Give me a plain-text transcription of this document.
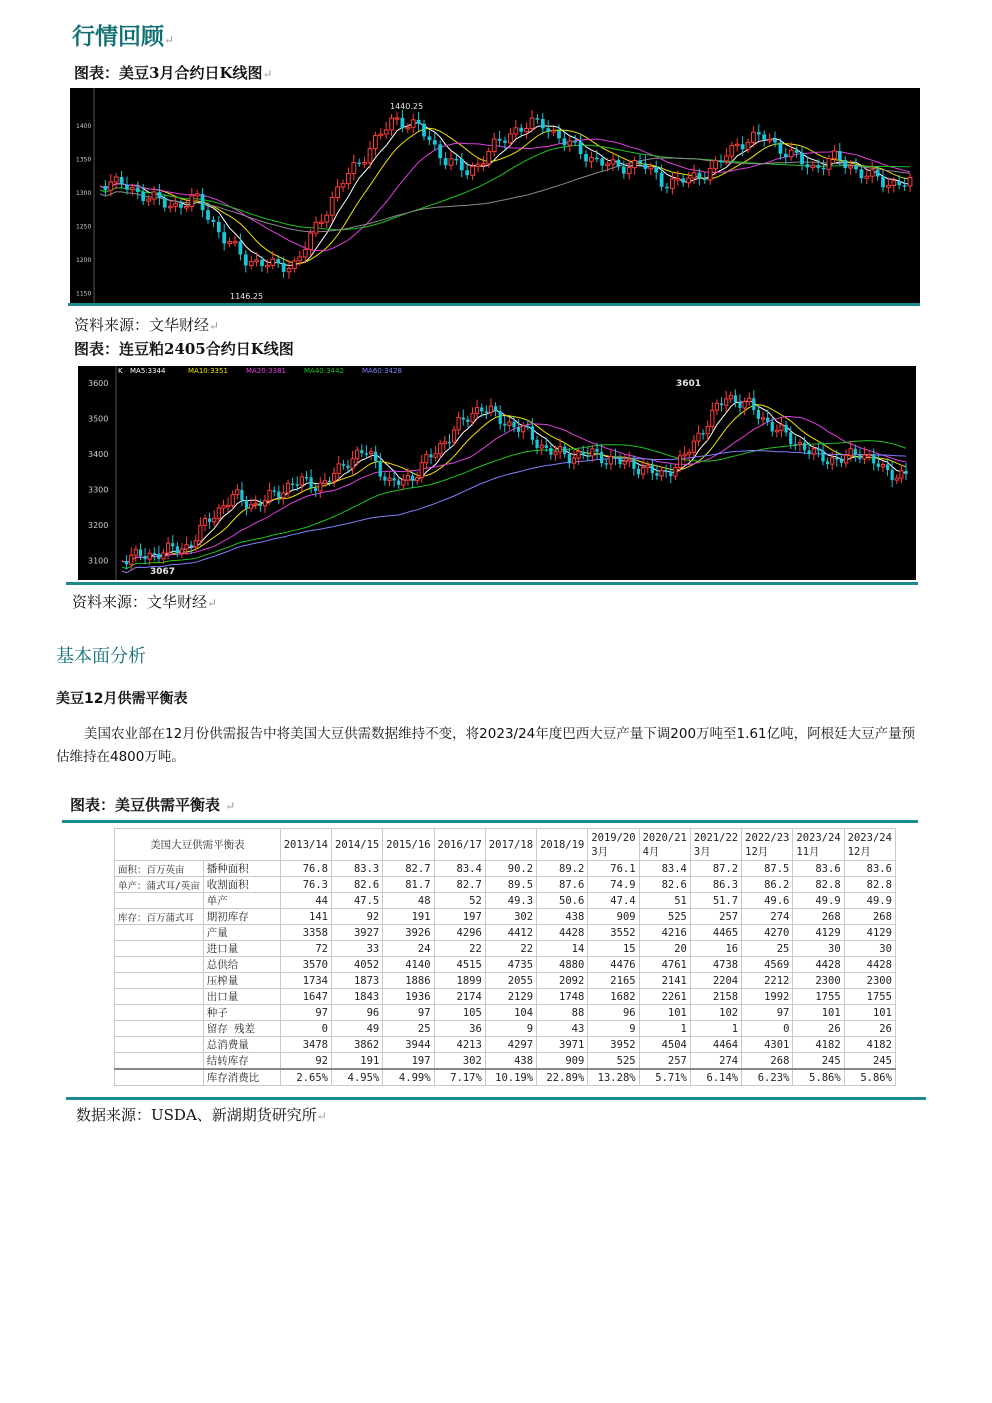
行情回顾↵
图表：美豆3月合约日K线图↵
1440.25
1146.25
1400
1350
1300
1250
1200
1150
资料来源：文华财经↵
图表：连豆粕2405合约日K线图
K MA5:3344	MA10:3351	MA20:3381	MA40:3442	MA60:3428
3601
3067
3600
3500
3400
3300
3200
3100
资料来源：文华财经↵
基本面分析
美豆12月供需平衡表
美国农业部在12月份供需报告中将美国大豆供需数据维持不变，将2023/24年度巴西大豆产量下调200万吨至1.61亿吨，阿根廷大豆产量预估维持在4800万吨。
图表：美豆供需平衡表 ↵
美国大豆供需平衡表		2013/14	2014/15	2015/16	2016/17	2017/18	2018/19	2019/20 3月	2020/21 4月	2021/22 3月	2022/23 12月	2023/24 11月	2023/24 12月
面积：百万英亩	播种面积	76.8	83.3	82.7	83.4	90.2	89.2	76.1	83.4	87.2	87.5	83.6	83.6
单产：蒲式耳/英亩	收割面积	76.3	82.6	81.7	82.7	89.5	87.6	74.9	82.6	86.3	86.2	82.8	82.8
	单产	44	47.5	48	52	49.3	50.6	47.4	51	51.7	49.6	49.9	49.9
库存：百万蒲式耳	期初库存	141	92	191	197	302	438	909	525	257	274	268	268
	产量	3358	3927	3926	4296	4412	4428	3552	4216	4465	4270	4129	4129
	进口量	72	33	24	22	22	14	15	20	16	25	30	30
	总供给	3570	4052	4140	4515	4735	4880	4476	4761	4738	4569	4428	4428
	压榨量	1734	1873	1886	1899	2055	2092	2165	2141	2204	2212	2300	2300
	出口量	1647	1843	1936	2174	2129	1748	1682	2261	2158	1992	1755	1755
	种子	97	96	97	105	104	88	96	101	102	97	101	101
	留存 残差	0	49	25	36	9	43	9	1	1	0	26	26
	总消费量	3478	3862	3944	4213	4297	3971	3952	4504	4464	4301	4182	4182
	结转库存	92	191	197	302	438	909	525	257	274	268	245	245
	库存消费比	2.65%	4.95%	4.99%	7.17%	10.19%	22.89%	13.28%	5.71%	6.14%	6.23%	5.86%	5.86%
数据来源：USDA、新湖期货研究所↵
